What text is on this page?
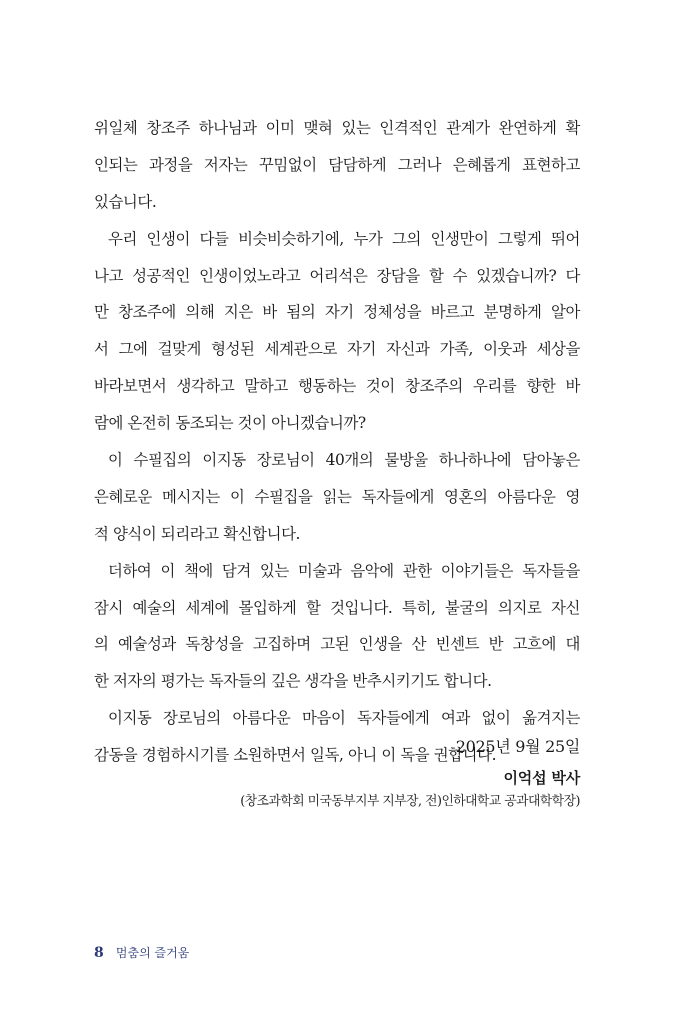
위일체 창조주 하나님과 이미 맺혀 있는 인격적인 관계가 완연하게 확
인되는 과정을 저자는 꾸밈없이 담담하게 그러나 은혜롭게 표현하고
있습니다.
우리 인생이 다들 비슷비슷하기에, 누가 그의 인생만이 그렇게 뛰어
나고 성공적인 인생이었노라고 어리석은 장담을 할 수 있겠습니까? 다
만 창조주에 의해 지은 바 됨의 자기 정체성을 바르고 분명하게 알아
서 그에 걸맞게 형성된 세계관으로 자기 자신과 가족, 이웃과 세상을
바라보면서 생각하고 말하고 행동하는 것이 창조주의 우리를 향한 바
람에 온전히 동조되는 것이 아니겠습니까?
이 수필집의 이지동 장로님이 40개의 물방울 하나하나에 담아놓은
은혜로운 메시지는 이 수필집을 읽는 독자들에게 영혼의 아름다운 영
적 양식이 되리라고 확신합니다.
더하여 이 책에 담겨 있는 미술과 음악에 관한 이야기들은 독자들을
잠시 예술의 세계에 몰입하게 할 것입니다. 특히, 불굴의 의지로 자신
의 예술성과 독창성을 고집하며 고된 인생을 산 빈센트 반 고흐에 대
한 저자의 평가는 독자들의 깊은 생각을 반추시키기도 합니다.
이지동 장로님의 아름다운 마음이 독자들에게 여과 없이 옮겨지는
감동을 경험하시기를 소원하면서 일독, 아니 이 독을 권합니다.
2025년 9월 25일
이억섭 박사
(창조과학회 미국동부지부 지부장, 전)인하대학교 공과대학학장)
8 멈춤의 즐거움
